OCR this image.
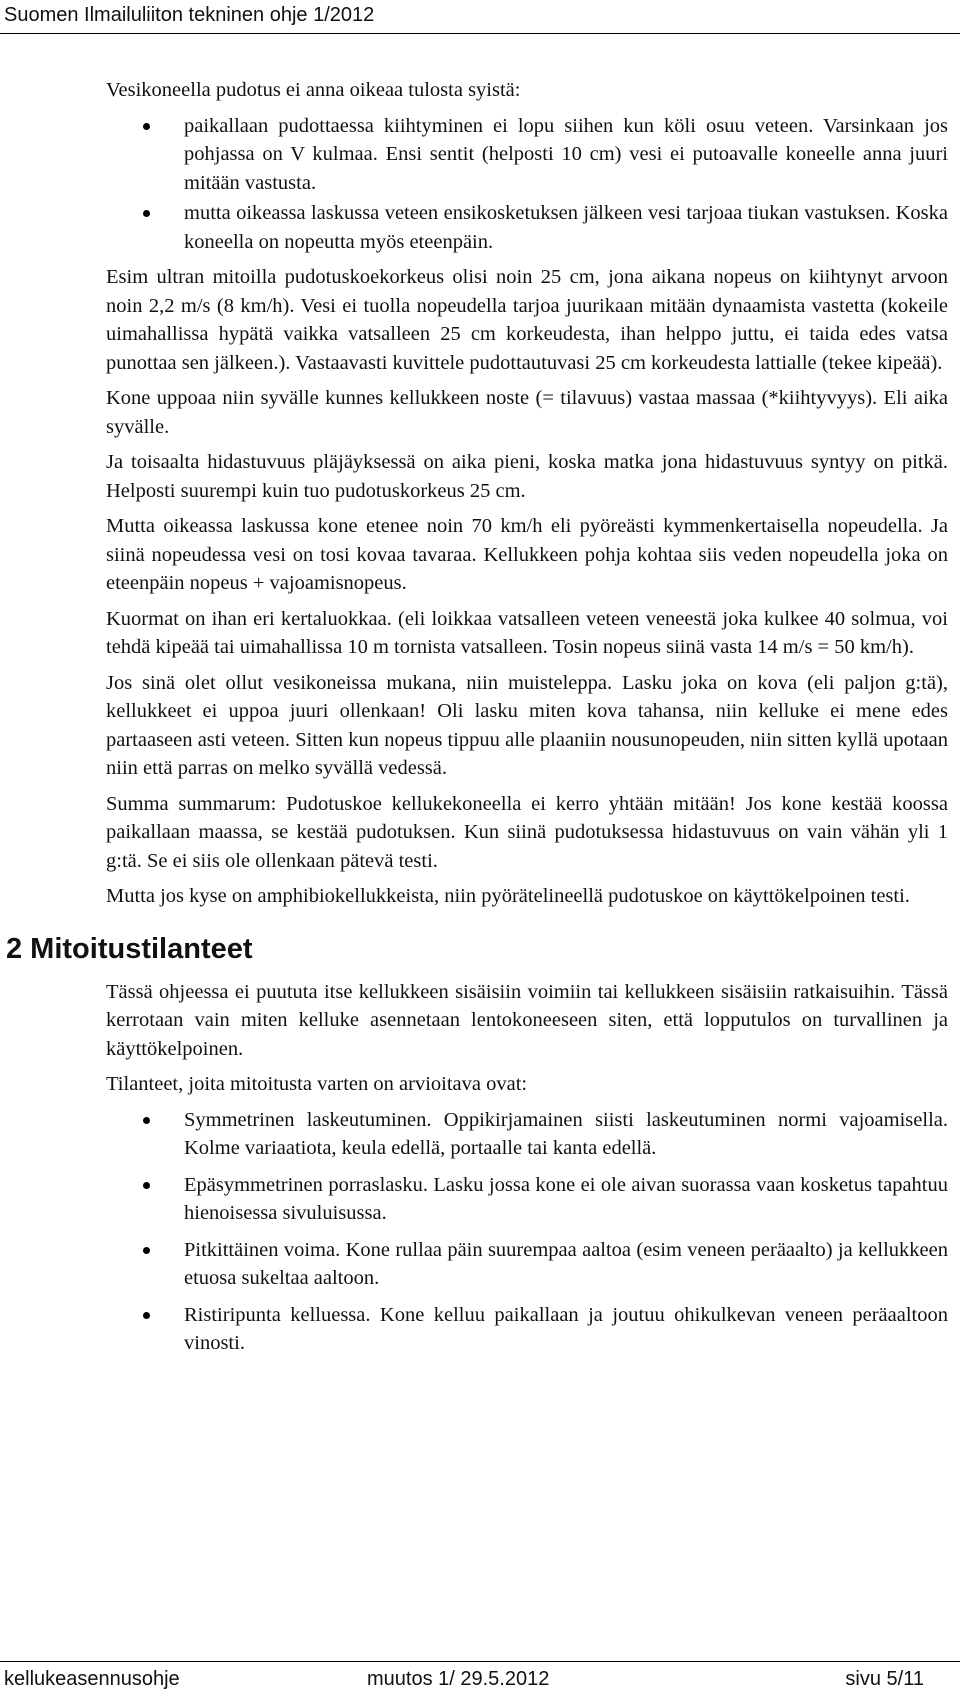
Suomen Ilmailuliiton tekninen ohje 1/2012

Vesikoneella pudotus ei anna oikeaa tulosta syistä:

paikallaan pudottaessa kiihtyminen ei lopu siihen kun köli osuu veteen. Varsinkaan jos pohjassa on V kulmaa. Ensi sentit (helposti 10 cm) vesi ei putoavalle koneelle anna juuri mitään vastusta.
mutta oikeassa laskussa veteen ensikosketuksen jälkeen vesi tarjoaa tiukan vastuksen. Koska koneella on nopeutta myös eteenpäin.

Esim ultran mitoilla pudotuskoekorkeus olisi noin 25 cm, jona aikana nopeus on kiihtynyt arvoon noin 2,2 m/s (8 km/h). Vesi ei tuolla nopeudella tarjoa juurikaan mitään dynaamista vastetta (kokeile uimahallissa hypätä vaikka vatsalleen 25 cm korkeudesta, ihan helppo juttu, ei taida edes vatsa punottaa sen jälkeen.). Vastaavasti kuvittele pudottautuvasi 25 cm korkeudesta lattialle (tekee kipeää).

Kone uppoaa niin syvälle kunnes kellukkeen noste (= tilavuus) vastaa massaa (*kiihtyvyys). Eli aika syvälle.

Ja toisaalta hidastuvuus pläjäyksessä on aika pieni, koska matka jona hidastuvuus syntyy on pitkä. Helposti suurempi kuin tuo pudotuskorkeus 25 cm.

Mutta oikeassa laskussa kone etenee noin 70 km/h eli pyöreästi kymmenkertaisella nopeudella. Ja siinä nopeudessa vesi on tosi kovaa tavaraa. Kellukkeen pohja kohtaa siis veden nopeudella joka on eteenpäin nopeus + vajoamisnopeus.

Kuormat on ihan eri kertaluokkaa. (eli loikkaa vatsalleen veteen veneestä joka kulkee 40 solmua, voi tehdä kipeää tai uimahallissa 10 m tornista vatsalleen. Tosin nopeus siinä vasta 14 m/s = 50 km/h).

Jos sinä olet ollut vesikoneissa mukana, niin muisteleppa. Lasku joka on kova (eli paljon g:tä), kellukkeet ei uppoa juuri ollenkaan! Oli lasku miten kova tahansa, niin kelluke ei mene edes partaaseen asti veteen. Sitten kun nopeus tippuu alle plaaniin nousunopeuden, niin sitten kyllä upotaan niin että parras on melko syvällä vedessä.

Summa summarum: Pudotuskoe kellukekoneella ei kerro yhtään mitään! Jos kone kestää koossa paikallaan maassa, se kestää pudotuksen. Kun siinä pudotuksessa hidastuvuus on vain vähän yli 1 g:tä. Se ei siis ole ollenkaan pätevä testi.

Mutta jos kyse on amphibiokellukkeista, niin pyörätelineellä pudotuskoe on käyttökelpoinen testi.

2 Mitoitustilanteet

Tässä ohjeessa ei puututa itse kellukkeen sisäisiin voimiin tai kellukkeen sisäisiin ratkaisuihin. Tässä kerrotaan vain miten kelluke asennetaan lentokoneeseen siten, että lopputulos on turvallinen ja käyttökelpoinen.

Tilanteet, joita mitoitusta varten on arvioitava ovat:

Symmetrinen laskeutuminen. Oppikirjamainen siisti laskeutuminen normi vajoamisella. Kolme variaatiota, keula edellä, portaalle tai kanta edellä.
Epäsymmetrinen porraslasku. Lasku jossa kone ei ole aivan suorassa vaan kosketus tapahtuu hienoisessa sivuluisussa.
Pitkittäinen voima. Kone rullaa päin suurempaa aaltoa (esim veneen peräaalto) ja kellukkeen etuosa sukeltaa aaltoon.
Ristiripunta kelluessa. Kone kelluu paikallaan ja joutuu ohikulkevan veneen peräaaltoon vinosti.
kellukeasennusohje	muutos 1/ 29.5.2012	sivu 5/11
